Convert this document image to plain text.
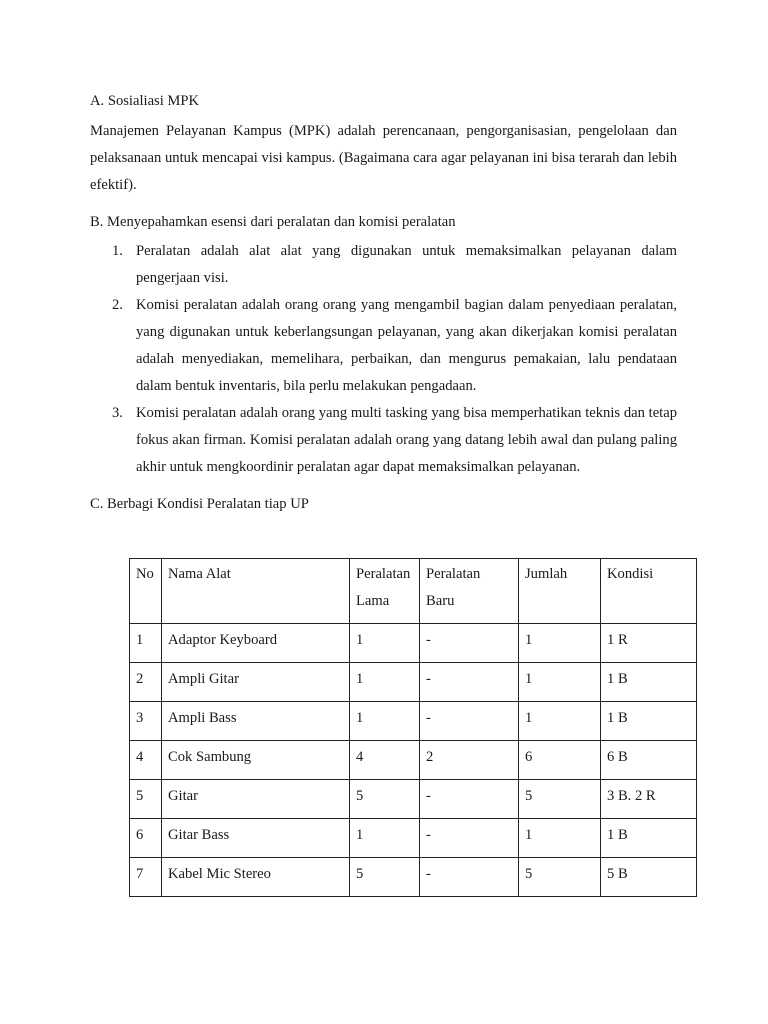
A. Sosialiasi MPK

Manajemen Pelayanan Kampus (MPK) adalah perencanaan, pengorganisasian, pengelolaan dan pelaksanaan untuk mencapai visi kampus. (Bagaimana cara agar pelayanan ini bisa terarah dan lebih efektif).

B. Menyepahamkan esensi dari peralatan dan komisi peralatan

1. Peralatan adalah alat alat yang digunakan untuk memaksimalkan pelayanan dalam pengerjaan visi.
2. Komisi peralatan adalah orang orang yang mengambil bagian dalam penyediaan peralatan, yang digunakan untuk keberlangsungan pelayanan, yang akan dikerjakan komisi peralatan adalah menyediakan, memelihara, perbaikan, dan mengurus pemakaian, lalu pendataan dalam bentuk inventaris, bila perlu melakukan pengadaan.
3. Komisi peralatan adalah orang yang multi tasking yang bisa memperhatikan teknis dan tetap fokus akan firman. Komisi peralatan adalah orang yang datang lebih awal dan pulang paling akhir untuk mengkoordinir peralatan agar dapat memaksimalkan pelayanan.

C. Berbagi Kondisi Peralatan tiap UP

No	Nama Alat	Peralatan Lama	Peralatan Baru	Jumlah	Kondisi
1	Adaptor Keyboard	1	-	1	1 R
2	Ampli Gitar	1	-	1	1 B
3	Ampli Bass	1	-	1	1 B
4	Cok Sambung	4	2	6	6 B
5	Gitar	5	-	5	3 B. 2 R
6	Gitar Bass	1	-	1	1 B
7	Kabel Mic Stereo	5	-	5	5 B
